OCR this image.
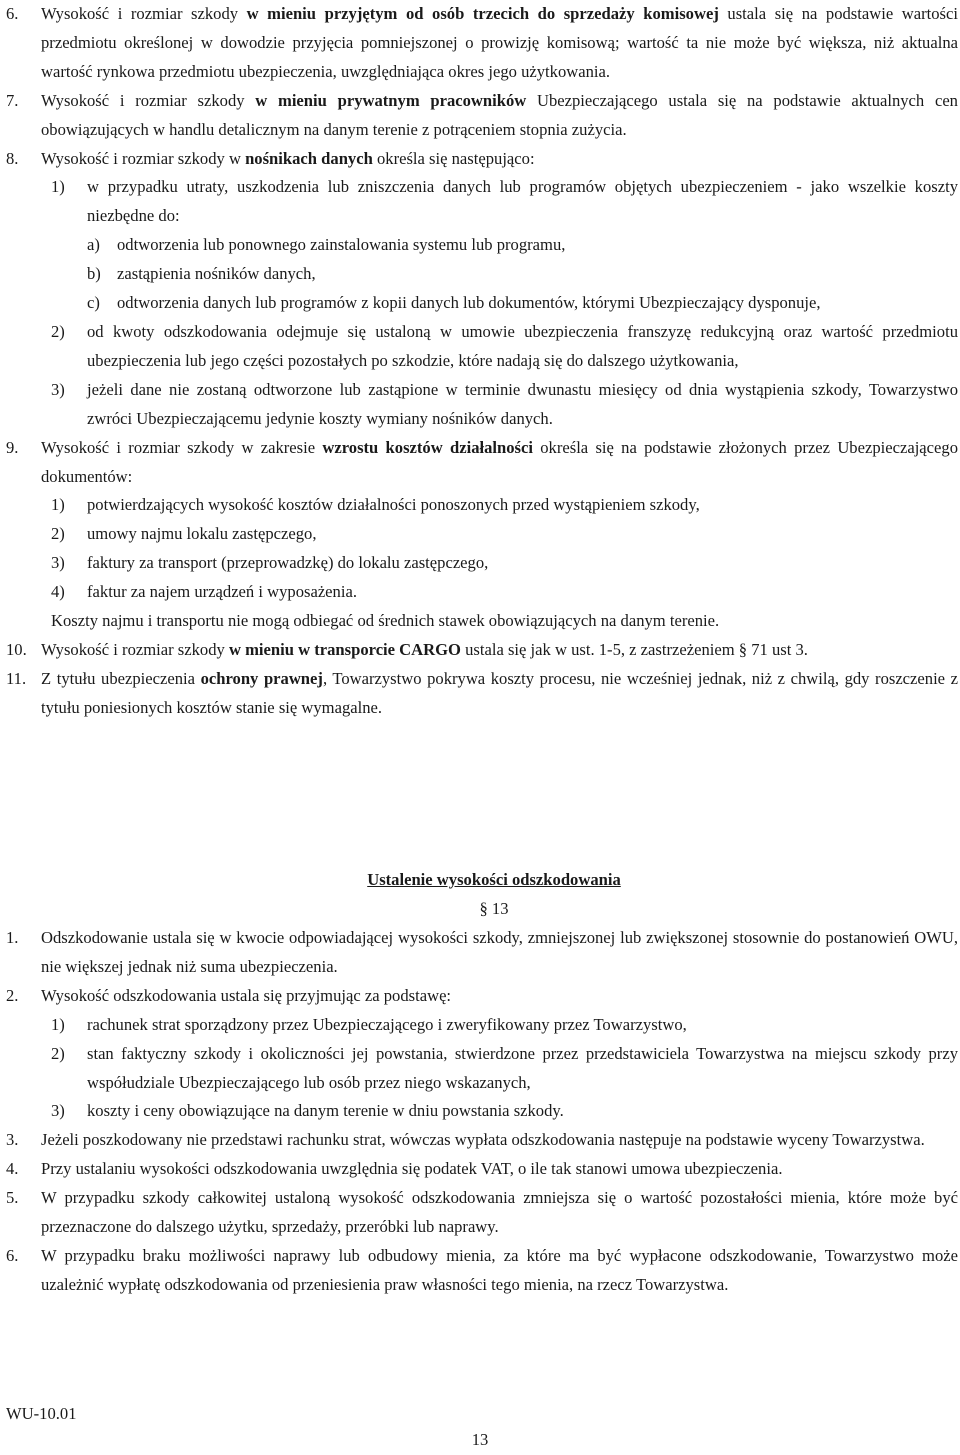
6. Wysokość i rozmiar szkody w mieniu przyjętym od osób trzecich do sprzedaży komisowej ustala się na podstawie wartości przedmiotu określonej w dowodzie przyjęcia pomniejszonej o prowizję komisową; wartość ta nie może być większa, niż aktualna wartość rynkowa przedmiotu ubezpieczenia, uwzględniająca okres jego użytkowania.
7. Wysokość i rozmiar szkody w mieniu prywatnym pracowników Ubezpieczającego ustala się na podstawie aktualnych cen obowiązujących w handlu detalicznym na danym terenie z potrąceniem stopnia zużycia.
8. Wysokość i rozmiar szkody w nośnikach danych określa się następująco:
1) w przypadku utraty, uszkodzenia lub zniszczenia danych lub programów objętych ubezpieczeniem - jako wszelkie koszty niezbędne do:
a) odtworzenia lub ponownego zainstalowania systemu lub programu,
b) zastąpienia nośników danych,
c) odtworzenia danych lub programów z kopii danych lub dokumentów, którymi Ubezpieczający dysponuje,
2) od kwoty odszkodowania odejmuje się ustaloną w umowie ubezpieczenia franszyzę redukcyjną oraz wartość przedmiotu ubezpieczenia lub jego części pozostałych po szkodzie, które nadają się do dalszego użytkowania,
3) jeżeli dane nie zostaną odtworzone lub zastąpione w terminie dwunastu miesięcy od dnia wystąpienia szkody, Towarzystwo zwróci Ubezpieczającemu jedynie koszty wymiany nośników danych.
9. Wysokość i rozmiar szkody w zakresie wzrostu kosztów działalności określa się na podstawie złożonych przez Ubezpieczającego dokumentów:
1) potwierdzających wysokość kosztów działalności ponoszonych przed wystąpieniem szkody,
2) umowy najmu lokalu zastępczego,
3) faktury za transport (przeprowadzkę) do lokalu zastępczego,
4) faktur za najem urządzeń i wyposażenia.
Koszty najmu i transportu nie mogą odbiegać od średnich stawek obowiązujących na danym terenie.
10. Wysokość i rozmiar szkody w mieniu w transporcie CARGO ustala się jak w ust. 1-5, z zastrzeżeniem § 71 ust 3.
11. Z tytułu ubezpieczenia ochrony prawnej, Towarzystwo pokrywa koszty procesu, nie wcześniej jednak, niż z chwilą, gdy roszczenie z tytułu poniesionych kosztów stanie się wymagalne.
Ustalenie wysokości odszkodowania
§ 13
1. Odszkodowanie ustala się w kwocie odpowiadającej wysokości szkody, zmniejszonej lub zwiększonej stosownie do postanowień OWU, nie większej jednak niż suma ubezpieczenia.
2. Wysokość odszkodowania ustala się przyjmując za podstawę:
1) rachunek strat sporządzony przez Ubezpieczającego i zweryfikowany przez Towarzystwo,
2) stan faktyczny szkody i okoliczności jej powstania, stwierdzone przez przedstawiciela Towarzystwa na miejscu szkody przy współudziale Ubezpieczającego lub osób przez niego wskazanych,
3) koszty i ceny obowiązujące na danym terenie w dniu powstania szkody.
3. Jeżeli poszkodowany nie przedstawi rachunku strat, wówczas wypłata odszkodowania następuje na podstawie wyceny Towarzystwa.
4. Przy ustalaniu wysokości odszkodowania uwzględnia się podatek VAT, o ile tak stanowi umowa ubezpieczenia.
5. W przypadku szkody całkowitej ustaloną wysokość odszkodowania zmniejsza się o wartość pozostałości mienia, które może być przeznaczone do dalszego użytku, sprzedaży, przeróbki lub naprawy.
6. W przypadku braku możliwości naprawy lub odbudowy mienia, za które ma być wypłacone odszkodowanie, Towarzystwo może uzależnić wypłatę odszkodowania od przeniesienia praw własności tego mienia, na rzecz Towarzystwa.
WU-10.01
13
